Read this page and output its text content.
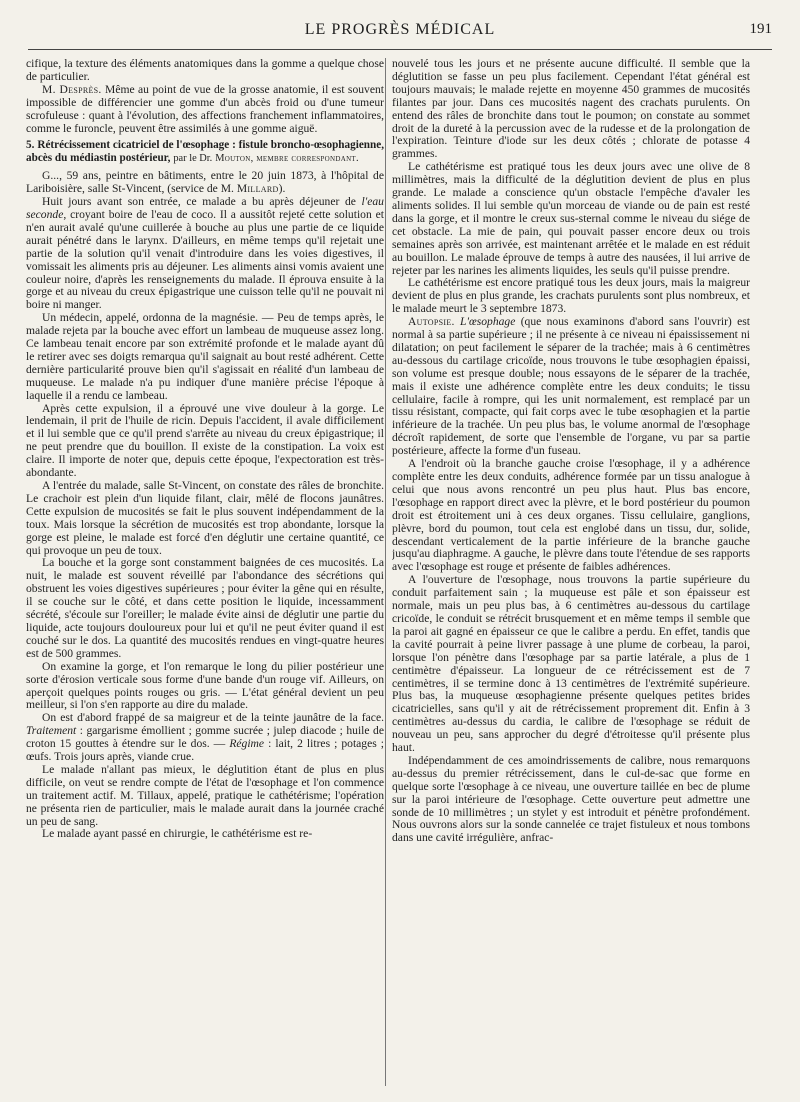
LE PROGRÈS MÉDICAL	191

cifique, la texture des éléments anatomiques dans la gomme a quelque chose de particulier.

M. Desprès. Même au point de vue de la grosse anatomie, il est souvent impossible de différencier une gomme d'un abcès froid ou d'une tumeur scrofuleuse : quant à l'évolution, des affections franchement inflammatoires, comme le furoncle, peuvent être assimilés à une gomme aiguë.

5. Rétrécissement cicatriciel de l'œsophage : fistule broncho-œsophagienne, abcès du médiastin postérieur, par le Dr. Mouton, membre correspondant.

G..., 59 ans, peintre en bâtiments, entre le 20 juin 1873, à l'hôpital de Lariboisière, salle St-Vincent, (service de M. Millard).

Huit jours avant son entrée, ce malade a bu après déjeuner de l'eau seconde, croyant boire de l'eau de coco. Il a aussitôt rejeté cette solution et n'en aurait avalé qu'une cuillerée à bouche au plus une partie de ce liquide aurait pénétré dans le larynx. D'ailleurs, en même temps qu'il rejetait une partie de la solution qu'il venait d'introduire dans les voies digestives, il vomissait les aliments pris au déjeuner. Les aliments ainsi vomis avaient une couleur noire, d'après les renseignements du malade. Il éprouva ensuite à la gorge et au niveau du creux épigastrique une cuisson telle qu'il ne pouvait ni boire ni manger.

Un médecin, appelé, ordonna de la magnésie. — Peu de temps après, le malade rejeta par la bouche avec effort un lambeau de muqueuse assez long. Ce lambeau tenait encore par son extrémité profonde et le malade ayant dû le retirer avec ses doigts remarqua qu'il saignait au bout resté adhérent. Cette dernière particularité prouve bien qu'il s'agissait en réalité d'un lambeau de muqueuse. Le malade n'a pu indiquer d'une manière précise l'époque à laquelle il a rendu ce lambeau.

Après cette expulsion, il a éprouvé une vive douleur à la gorge. Le lendemain, il prit de l'huile de ricin. Depuis l'accident, il avale difficilement et il lui semble que ce qu'il prend s'arrête au niveau du creux épigastrique; il ne peut prendre que du bouillon. Il existe de la constipation. La voix est claire. Il importe de noter que, depuis cette époque, l'expectoration est très-abondante.

A l'entrée du malade, salle St-Vincent, on constate des râles de bronchite. Le crachoir est plein d'un liquide filant, clair, mêlé de flocons jaunâtres. Cette expulsion de mucosités se fait le plus souvent indépendamment de la toux. Mais lorsque la sécrétion de mucosités est trop abondante, lorsque la gorge est pleine, le malade est forcé d'en déglutir une certaine quantité, ce qui provoque un peu de toux.

La bouche et la gorge sont constamment baignées de ces mucosités. La nuit, le malade est souvent réveillé par l'abondance des sécrétions qui obstruent les voies digestives supérieures ; pour éviter la gêne qui en résulte, il se couche sur le côté, et dans cette position le liquide, incessamment sécrété, s'écoule sur l'oreiller; le malade évite ainsi de déglutir une partie du liquide, acte toujours douloureux pour lui et qu'il ne peut éviter quand il est couché sur le dos. La quantité des mucosités rendues en vingt-quatre heures est de 500 grammes.

On examine la gorge, et l'on remarque le long du pilier postérieur une sorte d'érosion verticale sous forme d'une bande d'un rouge vif. Ailleurs, on aperçoit quelques points rouges ou gris. — L'état général devient un peu meilleur, si l'on s'en rapporte au dire du malade.

On est d'abord frappé de sa maigreur et de la teinte jaunâtre de la face. Traitement : gargarisme émollient ; gomme sucrée ; julep diacode ; huile de croton 15 gouttes à étendre sur le dos. — Régime : lait, 2 litres ; potages ; œufs. Trois jours après, viande crue.

Le malade n'allant pas mieux, le déglutition étant de plus en plus difficile, on veut se rendre compte de l'état de l'œsophage et l'on commence un traitement actif. M. Tillaux, appelé, pratique le cathétérisme; l'opération ne présenta rien de particulier, mais le malade aurait dans la journée craché un peu de sang.

Le malade ayant passé en chirurgie, le cathétérisme est re-

nouvelé tous les jours et ne présente aucune difficulté. Il semble que la déglutition se fasse un peu plus facilement. Cependant l'état général est toujours mauvais; le malade rejette en moyenne 450 grammes de mucosités filantes par jour. Dans ces mucosités nagent des crachats purulents. On entend des râles de bronchite dans tout le poumon; on constate au sommet droit de la dureté à la percussion avec de la rudesse et de la prolongation de l'expiration. Teinture d'iode sur les deux côtés ; chlorate de potasse 4 grammes.

Le cathétérisme est pratiqué tous les deux jours avec une olive de 8 millimètres, mais la difficulté de la déglutition devient de plus en plus grande. Le malade a conscience qu'un obstacle l'empêche d'avaler les aliments solides. Il lui semble qu'un morceau de viande ou de pain est resté dans la gorge, et il montre le creux sus-sternal comme le niveau du siége de cet obstacle. La mie de pain, qui pouvait passer encore deux ou trois semaines après son arrivée, est maintenant arrêtée et le malade en est réduit au bouillon. Le malade éprouve de temps à autre des nausées, il lui arrive de rejeter par les narines les aliments liquides, les seuls qu'il puisse prendre.

Le cathétérisme est encore pratiqué tous les deux jours, mais la maigreur devient de plus en plus grande, les crachats purulents sont plus nombreux, et le malade meurt le 3 septembre 1873.

Autopsie. L'œsophage (que nous examinons d'abord sans l'ouvrir) est normal à sa partie supérieure ; il ne présente à ce niveau ni épaississement ni dilatation; on peut facilement le séparer de la trachée; mais à 6 centimètres au-dessous du cartilage cricoïde, nous trouvons le tube œsophagien épaissi, son volume est presque double; nous essayons de le séparer de la trachée, mais il existe une adhérence complète entre les deux conduits; le tissu cellulaire, facile à rompre, qui les unit normalement, est remplacé par un tissu résistant, compacte, qui fait corps avec le tube œsophagien et la partie inférieure de la trachée. Un peu plus bas, le volume anormal de l'œsophage décroît rapidement, de sorte que l'ensemble de l'organe, vu par sa partie postérieure, affecte la forme d'un fuseau.

A l'endroit où la branche gauche croise l'œsophage, il y a adhérence complète entre les deux conduits, adhérence formée par un tissu analogue à celui que nous avons rencontré un peu plus haut. Plus bas encore, l'œsophage en rapport direct avec la plèvre, et le bord postérieur du poumon droit est étroitement uni à ces deux organes. Tissu cellulaire, ganglions, plèvre, bord du poumon, tout cela est englobé dans un tissu, dur, solide, descendant verticalement de la partie inférieure de la branche gauche jusqu'au diaphragme. A gauche, le plèvre dans toute l'étendue de ses rapports avec l'œsophage est rouge et présente de faibles adhérences.

A l'ouverture de l'œsophage, nous trouvons la partie supérieure du conduit parfaitement sain ; la muqueuse est pâle et son épaisseur est normale, mais un peu plus bas, à 6 centimètres au-dessous du cartilage cricoïde, le conduit se rétrécit brusquement et en même temps il semble que la paroi ait gagné en épaisseur ce que le calibre a perdu. En effet, tandis que la cavité pourrait à peine livrer passage à une plume de corbeau, la paroi, lorsque l'on pénètre dans l'œsophage par sa partie latérale, a plus de 1 centimètre d'épaisseur. La longueur de ce rétrécissement est de 7 centimètres, il se termine donc à 13 centimètres de l'extrémité supérieure. Plus bas, la muqueuse œsophagienne présente quelques petites brides cicatricielles, sans qu'il y ait de rétrécissement proprement dit. Enfin à 3 centimètres au-dessus du cardia, le calibre de l'œsophage se réduit de nouveau un peu, sans approcher du degré d'étroitesse qu'il présente plus haut.

Indépendamment de ces amoindrissements de calibre, nous remarquons au-dessus du premier rétrécissement, dans le cul-de-sac que forme en quelque sorte l'œsophage à ce niveau, une ouverture taillée en bec de plume sur la paroi intérieure de l'œsophage. Cette ouverture peut admettre une sonde de 10 millimètres ; un stylet y est introduit et pénètre profondément. Nous ouvrons alors sur la sonde cannelée ce trajet fistuleux et nous tombons dans une cavité irrégulière, anfrac-
